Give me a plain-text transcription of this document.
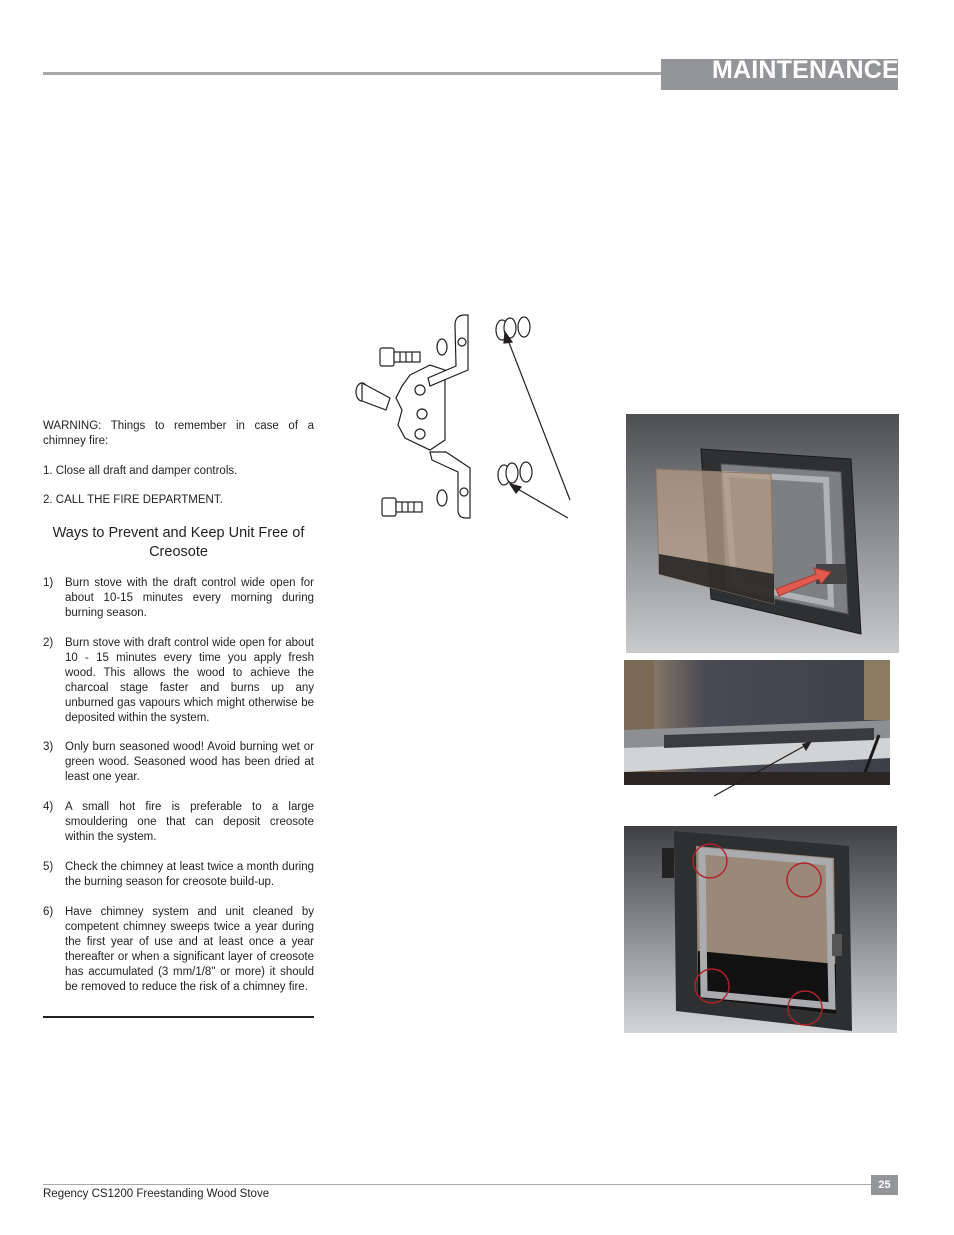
MAINTENANCE
WARNING: Things to remember in case of a chimney fire:
1. Close all draft and damper controls.
2. CALL THE FIRE DEPARTMENT.
Ways to Prevent and Keep Unit Free of Creosote
1) Burn stove with the draft control wide open for about 10-15 minutes every morning during burning season.
2) Burn stove with draft control wide open for about 10 - 15 minutes every time you apply fresh wood. This allows the wood to achieve the charcoal stage faster and burns up any unburned gas vapours which might otherwise be deposited within the system.
3) Only burn seasoned wood! Avoid burning wet or green wood. Seasoned wood has been dried at least one year.
4) A small hot fire is preferable to a large smouldering one that can deposit creosote within the system.
5) Check the chimney at least twice a month during the burning season for creosote build-up.
6) Have chimney system and unit cleaned by competent chimney sweeps twice a year during the first year of use and at least once a year thereafter or when a significant layer of creosote has accumulated (3 mm/1/8" or more) it should be removed to reduce the risk of a chimney fire.
Regency CS1200 Freestanding Wood Stove
25
